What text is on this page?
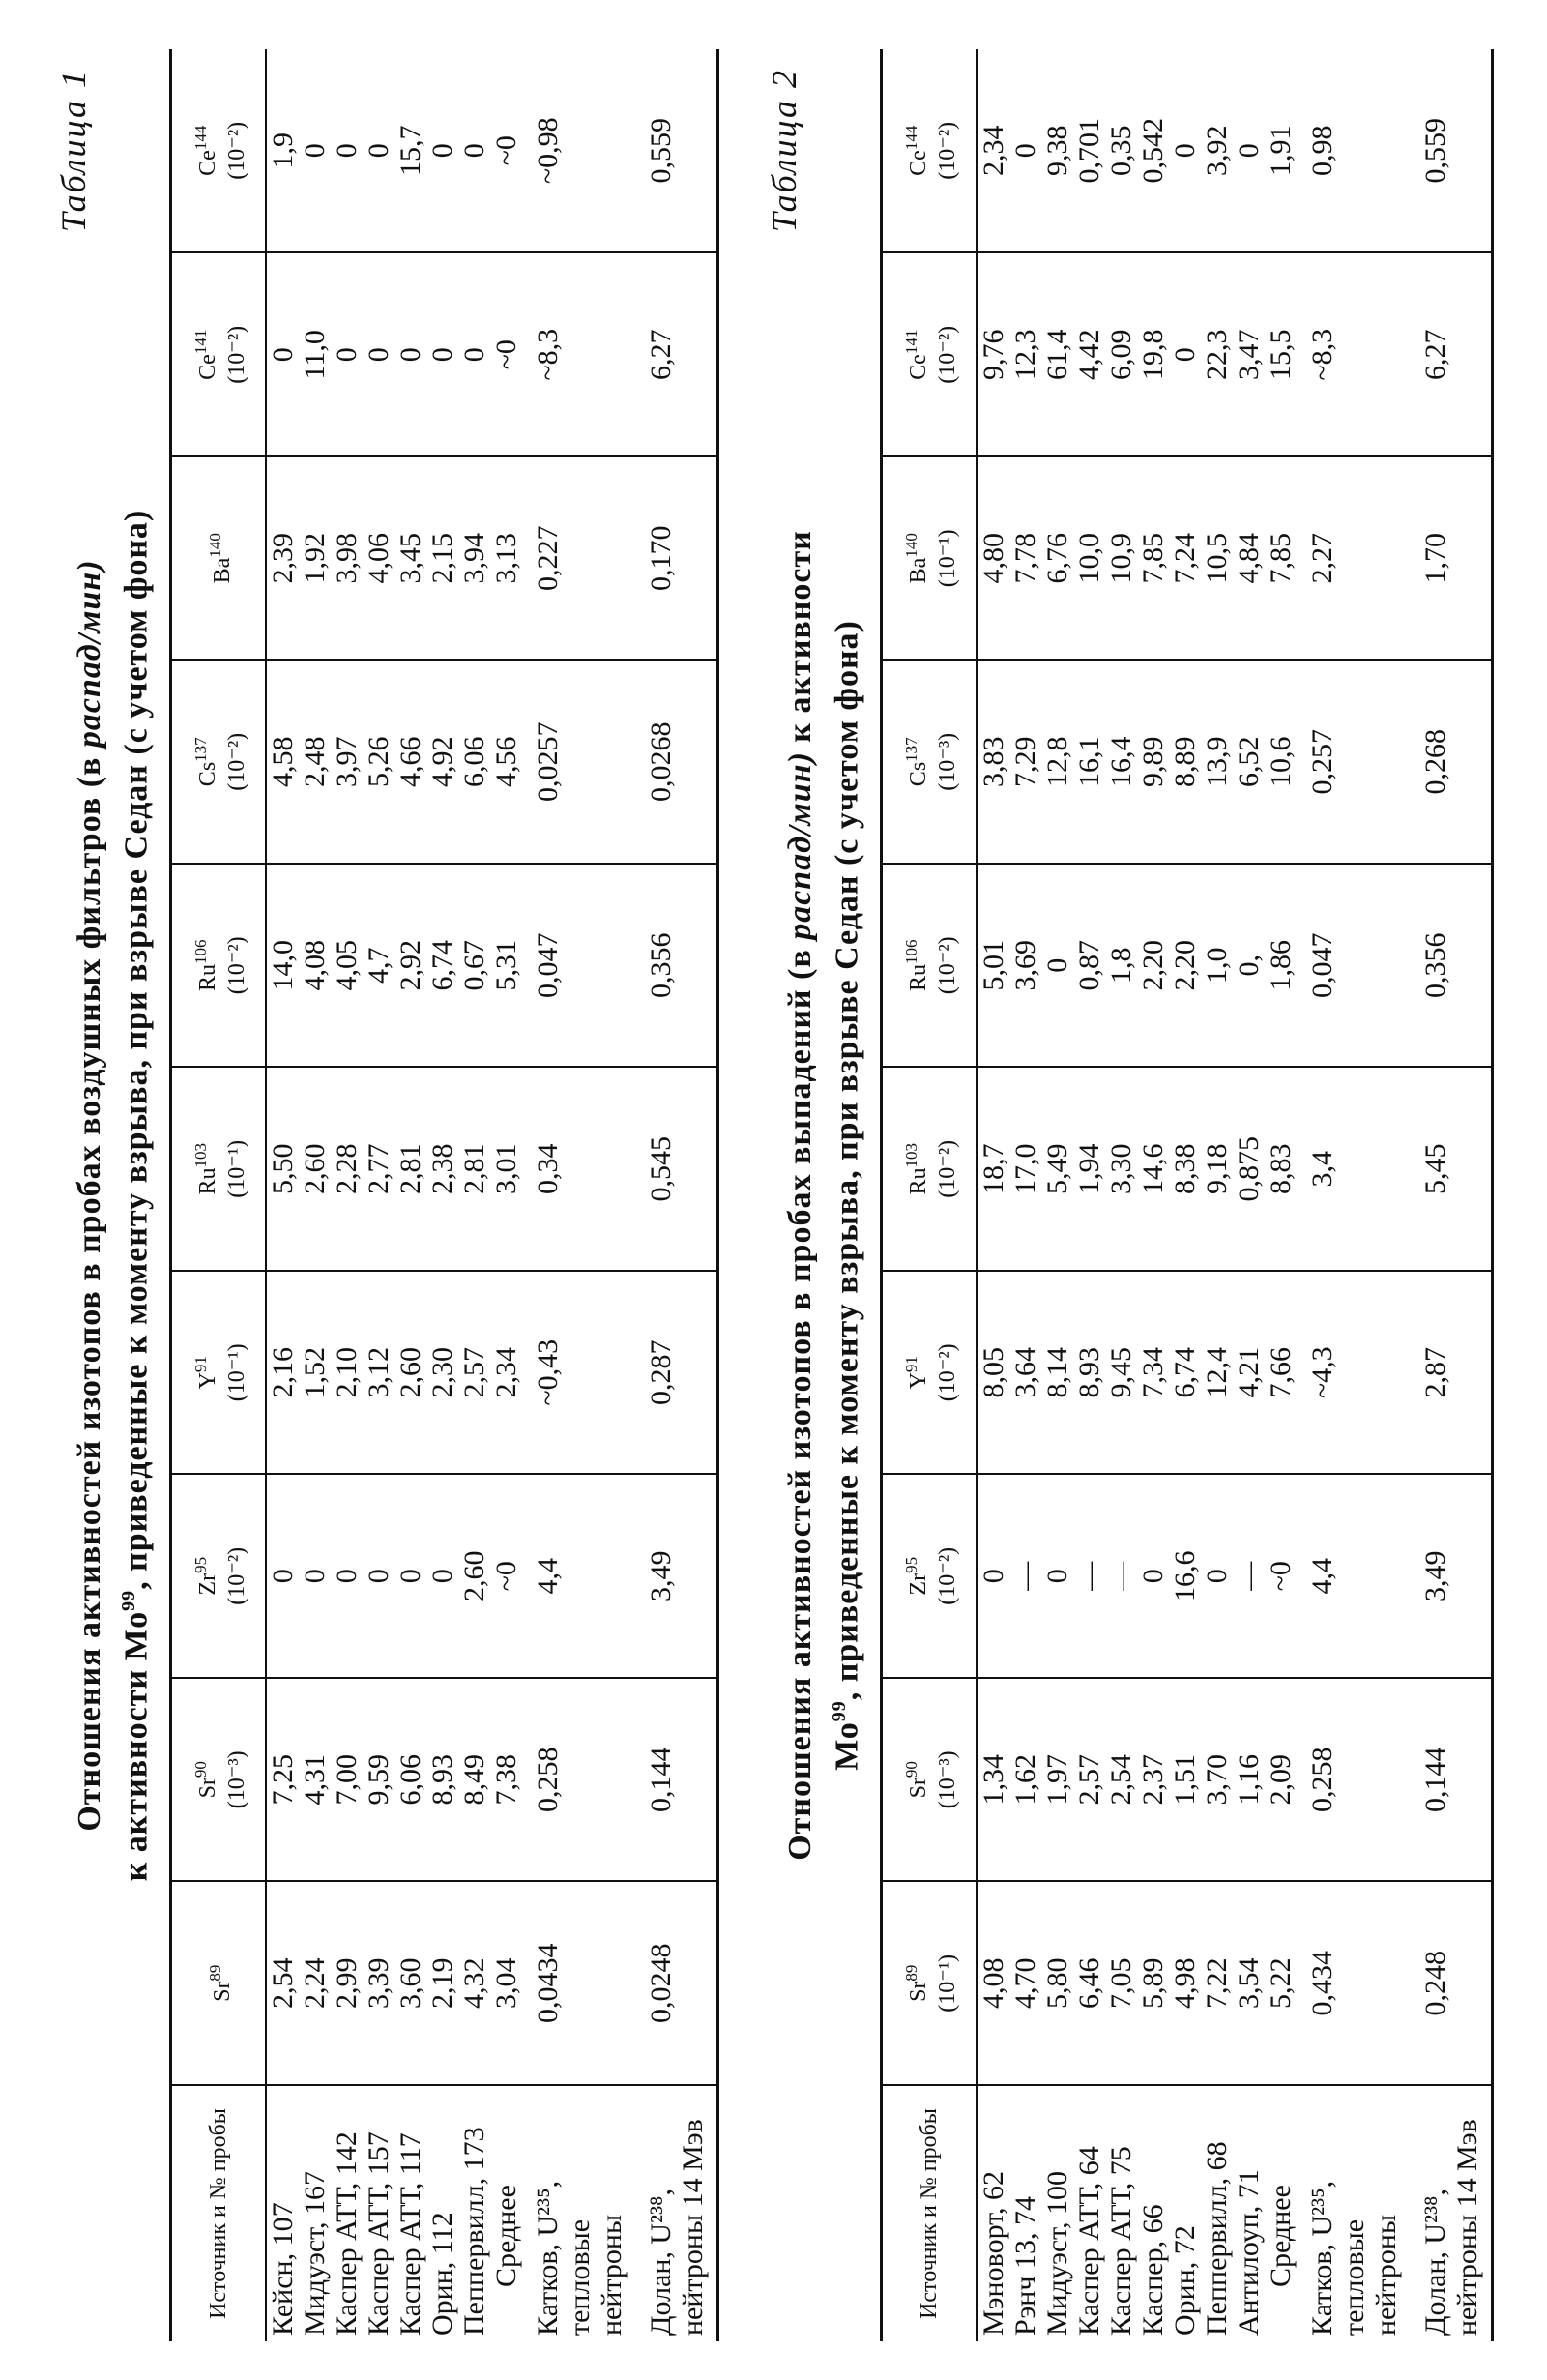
Таблица 1
Отношения активностей изотопов в пробах воздушных фильтров (в распад/мин)
к активности $Мо^{99}$, приведенные к моменту взрыва, при взрыве Седан (с учетом фона)
Источник и № пробы	Sr$^{89}$	Sr$^{90}$ (10⁻³)	Zr$^{95}$ (10⁻²)	$Y^{91}$ (10⁻¹)	Ru$^{103}$ (10⁻¹)	Ru$^{106}$ (10⁻²)	Cs$^{137}$ (10⁻²)	Ba$^{140}$	Ce$^{141}$ (10⁻²)	Ce$^{144}$ (10⁻²)
Кейсн, 107	2,54	7,25	0	2,16	5,50	14,0	4,58	2,39	0	1,9
Мидуэст, 167	2,24	4,31	0	1,52	2,60	4,08	2,48	1,92	11,0	0
Каспер АТТ, 142	2,99	7,00	0	2,10	2,28	4,05	3,97	3,98	0	0
Каспер АТТ, 157	3,39	9,59	0	3,12	2,77	4,7	5,26	4,06	0	0
Каспер АТТ, 117	3,60	6,06	0	2,60	2,81	2,92	4,66	3,45	0	15,7
Орин, 112	2,19	8,93	0	2,30	2,38	6,74	4,92	2,15	0	0
Пеппервилл, 173	4,32	8,49	2,60	2,57	2,81	0,67	6,06	3,94	0	0
Среднее	3,04	7,38	~0	2,34	3,01	5,31	4,56	3,13	~0	~0
Катков, U²³⁵, тепловые нейтроны	0,0434	0,258	4,4	~0,43	0,34	0,047	0,0257	0,227	~8,3	~0,98
Долан, U²³⁸, нейтроны 14 Мэв	0,0248	0,144	3,49	0,287	0,545	0,356	0,0268	0,170	6,27	0,559	Таблица 2
Отношения активностей изотопов в пробах выпадений (в распад/мин) к активности
$Мо^{99}$, приведенные к моменту взрыва, при взрыве Седан (с учетом фона)
Источник и № пробы	Sr$^{89}$ (10⁻¹)	Sr$^{90}$ (10⁻³)	Zr$^{95}$ (10⁻²)	$Y^{91}$ (10⁻²)	Ru$^{103}$ (10⁻²)	Ru$^{106}$ (10⁻²)	Cs$^{137}$ (10⁻³)	Ba$^{140}$ (10⁻¹)	Ce$^{141}$ (10⁻²)	Ce$^{144}$ (10⁻²)
Мэноворт, 62	4,08	1,34	0	8,05	18,7	5,01	3,83	4,80	9,76	2,34
Рэнч 13, 74	4,70	1,62	—	3,64	17,0	3,69	7,29	7,78	12,3	0
Мидуэст, 100	5,80	1,97	0	8,14	5,49	0	12,8	6,76	61,4	9,38
Каспер АТТ, 64	6,46	2,57	—	8,93	1,94	0,87	16,1	10,0	4,42	0,701
Каспер АТТ, 75	7,05	2,54	—	9,45	3,30	1,8	16,4	10,9	6,09	0,35
Каспер, 66	5,89	2,37	0	7,34	14,6	2,20	9,89	7,85	19,8	0,542
Орин, 72	4,98	1,51	16,6	6,74	8,38	2,20	8,89	7,24	0	0
Пеппервилл, 68	7,22	3,70	0	12,4	9,18	1,0	13,9	10,5	22,3	3,92
Антилоуп, 71	3,54	1,16	—	4,21	0,875	0,	6,52	4,84	3,47	0
Среднее	5,22	2,09	~0	7,66	8,83	1,86	10,6	7,85	15,5	1,91
Катков, U²³⁵, тепловые нейтроны	0,434	0,258	4,4	~4,3	3,4	0,047	0,257	2,27	~8,3	0,98
Долан, U²³⁸, нейтроны 14 Мэв	0,248	0,144	3,49	2,87	5,45	0,356	0,268	1,70	6,27	0,559
